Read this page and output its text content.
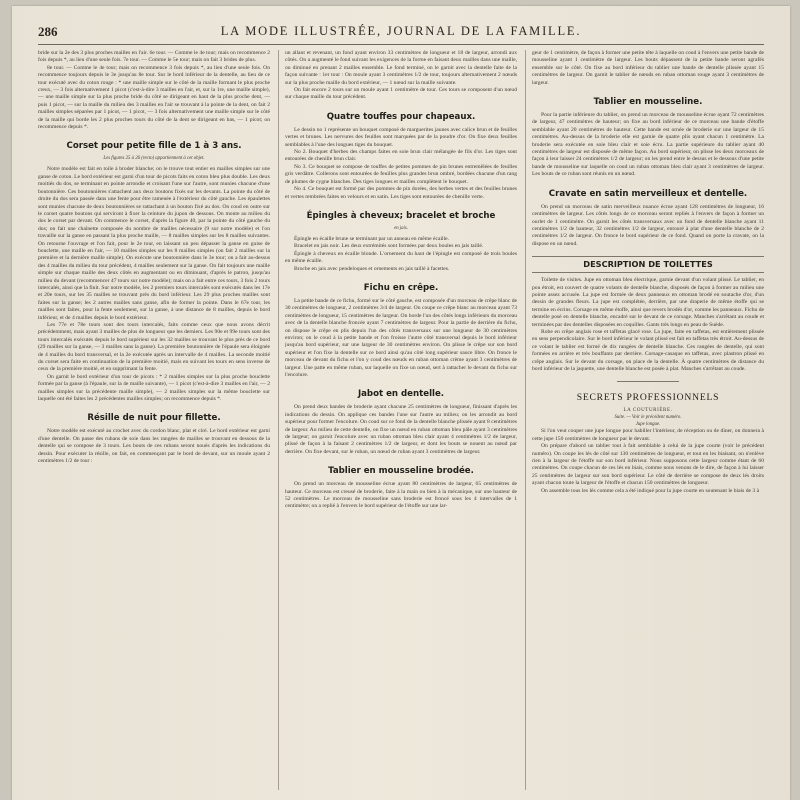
286	LA MODE ILLUSTRÉE, JOURNAL DE LA FAMILLE.

bride sur la 2e des 3 plus proches mailles en l'air. 6e tour. — Comme le 4e tour; mais on recommence 2 fois depuis *, au lieu d'une seule fois. 7e tour. — Comme le 5e tour; mais on fait 3 brides de plus.

8e tour. — Comme le 4e tour; mais on recommence 3 fois depuis *, au lieu d'une seule fois. On recommence toujours depuis le 3e jusqu'au 8e tour. Sur le bord inférieur de la dentelle, au lieu de ce tour exécuté avec du coton rouge : * une maille simple sur le côté de la maille formant le plus proche creux, — 3 fois alternativement 1 picot (c'est-à-dire 3 mailles en l'air, et, sur la 1re, une maille simple), — une maille simple sur la plus proche bride du côté se dirigeant en haut de la plus proche dent, — puis 1 picot, — sur la maille du milieu des 3 mailles en l'air se trouvant à la pointe de la dent, on fait 2 mailles simples séparées par 1 picot, — 1 picot, — 3 fois alternativement une maille simple sur le côté de la maille qui borde les 2 plus proches tours du côté de la dent se dirigeant en bas, — 1 picot; on recommence depuis *.

Corset pour petite fille de 1 à 3 ans.
Les figures 25 à 26 (recto) appartiennent à cet objet.

Notre modèle est fait en toile à broder blanche; on le trouve tout entier en mailles simples sur une ganse de coton. Le bord extérieur est garni d'un tour de picots faits en coton bleu plus double. Les deux moitiés du dos, se terminant en pointe arrondie et croisant l'une sur l'autre, sont munies chacune d'une boutonnière. Ces boutonnières s'attachent aux deux boutons fixés sur les devants. La pointe du côté de droite du dos sera passée dans une fente pour être ramenée à l'extérieur du côté gauche. Les épaulettes sont munies chacune de deux boutonnières se rattachant à un bouton fixé au dos. On coud en outre sur le corset quatre boutons qui serviront à fixer la ceinture du jupon de dessous. On monte au milieu du dos le corset par devant. On commence le corset, d'après la figure 40, par la pointe du côté gauche du dos; on fait une chaînette composée du nombre de mailles nécessaire (9 sur notre modèle) et l'on travaille sur la ganse en passant la plus proche maille, — 8 mailles simples sur les 8 mailles suivantes. On retourne l'ouvrage et l'on fait, pour le 2e tour, en laissant un peu dépasser la ganse en guise de bouclette, une maille en l'air, — 10 mailles simples sur les 8 mailles simples (on fait 2 mailles sur la première et la dernière maille simple). On exécute une boutonnière dans le 3e tour; on a fait au-dessus des 4 mailles du milieu du tour précédent, 4 mailles seulement sur la ganse. On fait toujours une maille simple sur chaque maille des deux côtés en augmentant ou en diminuant, d'après le patron, jusqu'au milieu du devant (recommencer 47 tours sur notre modèle); mais on a fait entre ces tours, 3 fois 2 tours intercalés, ainsi que la finit. Sur notre modèle, les 2 premiers tours intercalés sont exécutés dans les 17e et 20e tours, sur les 35 mailles se trouvant près du bord inférieur. Les 29 plus proches mailles sont faites sur la ganse; les 2 autres mailles sans ganse, afin de former la pointe. Dans le 67e tour, les mailles sont faites, pour la fente seulement, sur la ganse, à une distance de 8 mailles, depuis le bord inférieur, et de 4 mailles depuis le bord extérieur.

Les 77e et 78e tours sont des tours intercalés, faits comme ceux que nous avons décrit précédemment, mais ayant 3 mailles de plus de longueur que les derniers. Les 90e et 99e tours sont des tours intercalés exécutés depuis le bord supérieur sur les 32 mailles se trouvant le plus près de ce bord (29 mailles sur la ganse, — 3 mailles sans la ganse). La première boutonnière de l'épaule sera éloignée de 4 mailles du bord transversal, et la 2e exécutée après un intervalle de 4 mailles. La seconde moitié du corset sera faite en continuation de la première moitié, mais en suivant les tours en sens inverse de ceux de la première moitié, et en supprimant la fente.

On garnit le bord extérieur d'un tour de picots : * 2 mailles simples sur la plus proche bouclette formée par la ganse (à l'épaule, sur la 4e maille suivante), — 1 picot (c'est-à-dire 3 mailles en l'air, — 2 mailles simples sur la précédente maille simple), — 2 mailles simples sur la même bouclette sur laquelle ont été faites les 2 précédentes mailles simples; on recommence depuis *.

Résille de nuit pour fillette.

Notre modèle est exécuté au crochet avec du cordon blanc, plat et ciré. Le bord extérieur est garni d'une dentelle. On passe des rubans de soie dans les rangées de mailles se trouvant en dessous de la dentelle qui se compose de 3 tours. Les bouts de ces rubans seront noués d'après les indications du dessin. Pour exécuter la résille, on fait, en commençant par le bord de devant, sur un moule ayant 2 centimètres 1/2 de tour :

un allant et revenant, un fond ayant environ 33 centimètres de longueur et 18 de largeur, arrondi aux côtés. On a augmenté le fond suivant les exigences de la forme en faisant deux mailles dans une maille, ou diminué en prenant 2 mailles ensemble. Le fond terminé, on le garnit avec la dentelle faite de la façon suivante : 1er tour : On moule ayant 3 centimètres 1/2 de tour, toujours alternativement 2 nœuds sur la plus proche maille du bord extérieur, — 1 nœud sur la maille suivante.

On fait encore 2 tours sur un moule ayant 1 centimètre de tour. Ces tours se composent d'un nœud sur chaque maille du tour précédent.

Quatre touffes pour chapeaux.

Le dessin no 1 représente un bouquet composé de marguerites jaunes avec calice brun et de feuilles vertes et brunes. Les nervures des feuilles sont marquées par de la poudre d'or. On fixe deux feuilles semblables à l'une des longues tiges du bouquet.

No 2. Bouquet d'herbes des champs faites en soie brun clair mélangée de fils d'or. Les tiges sont entourées de chenille brun clair.

No 3. Ce bouquet se compose de touffes de petites pommes de pin brunes entremêlées de feuilles gris verdâtre. Collerons sont entourées de feuilles plus grandes brun ombré, bordées chacune d'un rang de plumes de cygne blanches. Des tiges longues et mailles complètent le bouquet.

No 4. Ce bouquet est formé par des pommes de pin dorées, des herbes vertes et des feuilles brunes et vertes rembrées faites en velours et en satin. Les tiges sont entourées de chenille verte.

Épingles à cheveux; bracelet et broche
en jais.

Épingle en écaille brune se terminant par un anneau en même écaille.

Bracelet en jais noir. Les deux extrémités sont formées par deux boules en jais taillé.

Épingle à cheveux en écaille blonde. L'ornement du haut de l'épingle est composé de trois boules en même écaille.

Broche en jais avec pendeloques et ornements en jais taillé à facettes.

Fichu en crêpe.

La petite bande de ce fichu, formé sur le côté gauche, est composée d'un morceau de crêpe blanc de 30 centimètres de longueur, 2 centimètres 3/4 de largeur. On coupe ce crêpe blanc au morceau ayant 73 centimètres de longueur, 15 centimètres de largeur. On borde l'un des côtés longs inférieurs du morceau avec de la dentelle blanche froncée ayant 7 centimètres de largeur. Pour la partie de derrière du fichu, on dispose le crêpe en plis depuis l'un des côtés transversaux sur une longueur de 30 centimètres environ; on le coud à la petite bande et l'on froisse l'autre côté transversal depuis le bord inférieur jusqu'au bord supérieur, sur une largeur de 30 centimètres environ. On plisse le crêpe sur son bord supérieur et l'on fixe la dentelle sur ce bord ainsi qu'au côté long supérieur sauce libre. On fronce le morceau de devant du fichu et l'on y coud des nœuds en ruban ottoman crème ayant 3 centimètres de largeur. Une patte en même ruban, sur laquelle on fixe un nœud, sert à rattacher le devant du fichu sur l'encolure.

Jabot en dentelle.

On prend deux bandes de broderie ayant chacune 25 centimètres de longueur, finissant d'après les indications du dessin. On applique ces bandes l'une sur l'autre au milieu; on les arrondit au bord supérieur pour former l'encolure. On coud sur ce fond de la dentelle blanche plissée ayant 8 centimètres de largeur. Au milieu de cette dentelle, on fixe un nœud en ruban ottoman bleu pâle ayant 3 centimètres de largeur; on garnit l'encolure avec un ruban ottoman bleu clair ayant 4 centimètres 1/2 de largeur, plissé de façon à la faisant 2 centimètres 1/2 de largeur, et dont les bouts se nouent au nœud par derrière. On fixe devant, sur le ruban, un nœud de ruban ayant 3 centimètres de largeur.

Tablier en mousseline brodée.

On prend un morceau de mousseline écrue ayant 80 centimètres de largeur, 65 centimètres de hauteur. Ce morceau est creusé de broderie, faite à la main ou bien à la mécanique, sur une hauteur de 52 centimètres. Le morceau de mousseline sans broderie est froncé sous les 4 intervalles de 1 centimètre; on a replié à l'envers le bord supérieur de l'étoffe sur une lar-

geur de 1 centimètre, de façon à former une petite tête à laquelle on coud à l'envers une petite bande de mousseline ayant 1 centimètre de largeur. Les bouts dépassent de la petite bande seront agrafés ensemble sur le côté. On fixe au bord inférieur du tablier une bande de dentelle plissée ayant 15 centimètres de largeur. On garnit le tablier de nœuds en ruban ottoman rouge ayant 3 centimètres de largeur.

Tablier en mousseline.

Pour la partie inférieure du tablier, on prend un morceau de mousseline écrue ayant 72 centimètres de largeur, 47 centimètres de hauteur; on fixe au bord inférieur de ce morceau une bande d'étoffe semblable ayant 20 centimètres de hauteur. Cette bande est ornée de broderie sur une largeur de 15 centimètres. Au-dessus de la broderie elle est garnie de quatre plis ayant chacun 1 centimètre. La broderie sera exécutée en soie bleu clair et soie écru. La partie supérieure du tablier ayant 40 centimètres de largeur est disposée de même façon. Au bord supérieur, on plisse les deux morceaux de façon à leur laisser 24 centimètres 1/2 de largeur; on les prend entre le dessus et le dessous d'une petite bande de mousseline sur laquelle on coud un ruban ottoman bleu clair ayant 3 centimètres de largeur. Les bouts de ce ruban sont réunis en un nœud.

Cravate en satin merveilleux et dentelle.

On prend un morceau de satin merveilleux nuance écrue ayant 128 centimètres de longueur, 16 centimètres de largeur. Les côtés longs de ce morceau seront repliés à l'envers de façon à former un ourlet de 1 centimètre. On garnit les côtés transversaux avec un fond de dentelle blanche ayant 11 centimètres 1/2 de hauteur, 32 centimètres 1/2 de largeur, entouré à plat d'une dentelle blanche de 2 centimètres 1/2 de largeur. On fronce le bord supérieur de ce fond. Quand on porte la cravate, on la dispose en un nœud.

DESCRIPTION DE TOILETTES

Toilette de visites. Jupe en ottoman bleu électrique, garnie devant d'un volant plissé. Le tablier, en pou étroit, est couvert de quatre volants de dentelle blanche, disposés de façon à former au milieu une pointe assez accusée. La jupe est formée de deux panneaux en ottoman brodé en soutache d'or, d'un dessin de grandes fleurs. La jupe est complétée, derrière, par une draperie de même étoffe qui se termine en écrins. Corsage en même étoffe, ainsi que revers brodés d'or, comme les panneaux. Fichu de dentelle posé en dentelle blanche, encadré sur le devant de ce corsage. Manches s'arrêtant au coude et terminées par des dentelles disposées en coquilles. Gants très longs en peau de Suède.

Robe en crêpe anglais rose et taffetas glacé rose. La jupe, faite en taffetas, est entièrement plissée en sens perpendiculaire. Sur le bord inférieur le volant plissé est fait en taffetas très étroit. Au-dessus de ce volant le tablier est formé de dix rangées de dentelle blanche. Ces rangées de dentelle, qui sont formées en arrière et très bouffants par derrière. Corsage-casaque en taffetas, avec plastron plissé en crêpe anglais. Sur le devant du corsage, on place de la dentelle. À quatre centimètres de distance du bord inférieur de la jaquette, une dentelle blanche est posée à plat. Manches s'arrêtant au coude.

SECRETS PROFESSIONNELS
LA COUTURIÈRE.
Suite. — Voir le précédent numéro.
Jupe longue.

Si l'on veut couper une jupe longue pour habiller l'intérieur, de réception ou de diner, on donnera à cette jupe 150 centimètres de longueur par le devant.

On prépare d'abord un tablier tout à fait semblable à celui de la jupe courte (voir le précédent numéro). On coupe les lés de côté sur 130 centimètres de longueur, et tout en les biaisant, on n'enlève rien à la largeur de l'étoffe sur son bord inférieur. Nous supposons cette largeur comme étant de 60 centimètres. On coupe chacun de ces lés en biais, comme nous venons de le dire, de façon à lui laisser 25 centimètres de largeur sur son bord supérieur. Le côté de derrière se compose de deux lés droits ayant chacun toute la largeur de l'étoffe et chacun 150 centimètres de longueur.

On assemble tous les lés comme cela a été indiqué pour la jupe courte en soutenant le biais de 3 à
